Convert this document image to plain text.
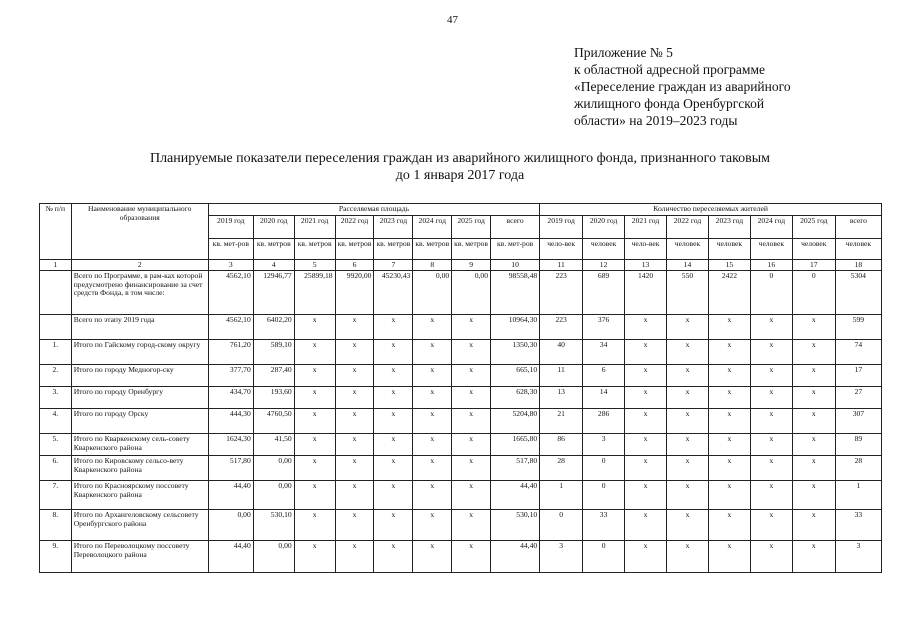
47
Приложение № 5
к областной адресной программе
«Переселение граждан из аварийного
жилищного фонда Оренбургской
области» на 2019–2023 годы
Планируемые показатели переселения граждан из аварийного жилищного фонда, признанного таковым
до 1 января 2017 года
№ п/п	Наименование муниципального образования	Расселяемая площадь								Количество переселяемых жителей							
		2019 год	2020 год	2021 год	2022 год	2023 год	2024 год	2025 год	всего	2019 год	2020 год	2021 год	2022 год	2023 год	2024 год	2025 год	всего
		кв. мет-ров	кв. метров	кв. метров	кв. метров	кв. метров	кв. метров	кв. метров	кв. мет-ров	чело-век	человек	чело-век	человек	человек	человек	человек	человек
1	2	3	4	5	6	7	8	9	10	11	12	13	14	15	16	17	18
	Всего по Программе, в рам-ках которой предусмотрено финансирование за счет средств Фонда, в том числе:	4562,10	12946,77	25899,18	9920,00	45230,43	0,00	0,00	98558,48	223	689	1420	550	2422	0	0	5304
	Всего по этапу 2019 года	4562,10	6402,20	x	x	x	x	x	10964,30	223	376	x	x	x	x	x	599
1.	Итого по Гайскому город-скому округу	761,20	589,10	x	x	x	x	x	1350,30	40	34	x	x	x	x	x	74
2.	Итого по городу Медногор-ску	377,70	287,40	x	x	x	x	x	665,10	11	6	x	x	x	x	x	17
3.	Итого по городу Оренбургу	434,70	193,60	x	x	x	x	x	628,30	13	14	x	x	x	x	x	27
4.	Итого по городу Орску	444,30	4760,50	x	x	x	x	x	5204,80	21	286	x	x	x	x	x	307
5.	Итого по Кваркенскому сель-совету Кваркенского района	1624,30	41,50	x	x	x	x	x	1665,80	86	3	x	x	x	x	x	89
6.	Итого по Кировскому сельсо-вету Кваркенского района	517,80	0,00	x	x	x	x	x	517,80	28	0	x	x	x	x	x	28
7.	Итого по Красноярскому поссовету Кваркенского района	44,40	0,00	x	x	x	x	x	44,40	1	0	x	x	x	x	x	1
8.	Итого по Архангеловскому сельсовету Оренбургского района	0,00	530,10	x	x	x	x	x	530,10	0	33	x	x	x	x	x	33
9.	Итого по Переволоцкому поссовету Переволоцкого района	44,40	0,00	x	x	x	x	x	44,40	3	0	x	x	x	x	x	3
